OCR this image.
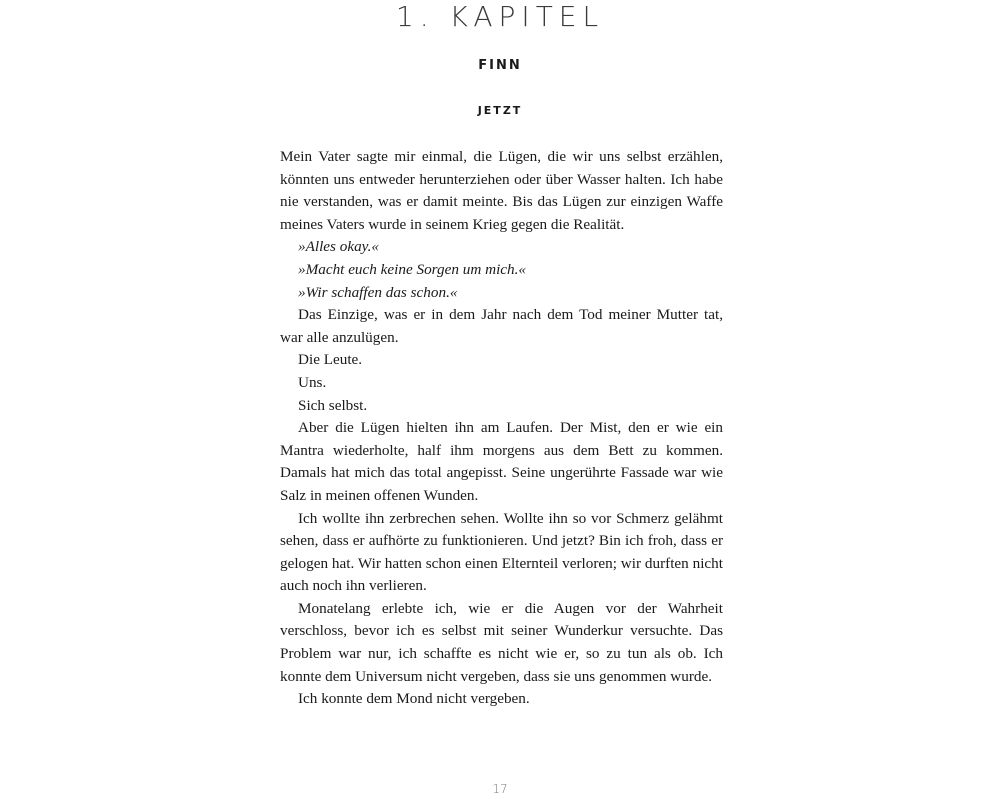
1. KAPITEL
FINN
JETZT

Mein Vater sagte mir einmal, die Lügen, die wir uns selbst erzählen, könnten uns entweder herunterziehen oder über Wasser halten. Ich habe nie verstanden, was er damit meinte. Bis das Lügen zur einzigen Waffe meines Vaters wurde in seinem Krieg gegen die Realität.

»Alles okay.«

»Macht euch keine Sorgen um mich.«

»Wir schaffen das schon.«

Das Einzige, was er in dem Jahr nach dem Tod meiner Mutter tat, war alle anzulügen.

Die Leute.

Uns.

Sich selbst.

Aber die Lügen hielten ihn am Laufen. Der Mist, den er wie ein Mantra wiederholte, half ihm morgens aus dem Bett zu kommen. Damals hat mich das total angepisst. Seine ungerührte Fassade war wie Salz in meinen offenen Wunden.

Ich wollte ihn zerbrechen sehen. Wollte ihn so vor Schmerz gelähmt sehen, dass er aufhörte zu funktionieren. Und jetzt? Bin ich froh, dass er gelogen hat. Wir hatten schon einen Elternteil verloren; wir durften nicht auch noch ihn verlieren.

Monatelang erlebte ich, wie er die Augen vor der Wahrheit verschloss, bevor ich es selbst mit seiner Wunderkur versuchte. Das Problem war nur, ich schaffte es nicht wie er, so zu tun als ob. Ich konnte dem Universum nicht vergeben, dass sie uns genommen wurde.

Ich konnte dem Mond nicht vergeben.

17
